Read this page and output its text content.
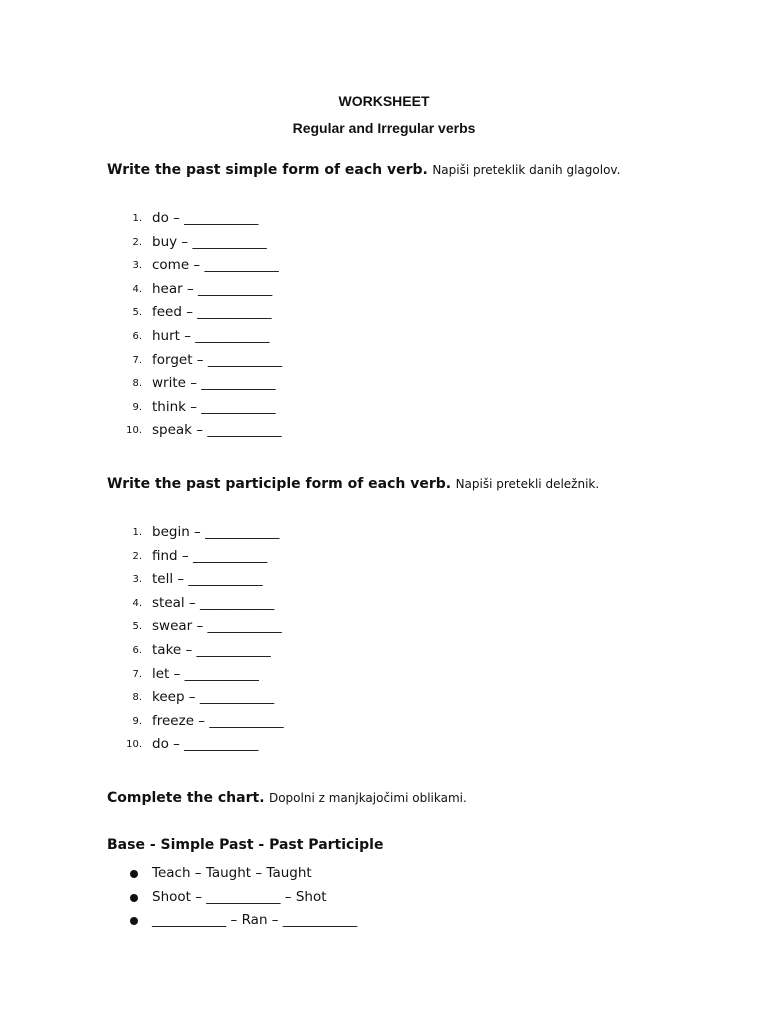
WORKSHEET
Regular and Irregular verbs
Write the past simple form of each verb. Napiši preteklik danih glagolov.
1. do – ___________
2. buy – ___________
3. come – ___________
4. hear – ___________
5. feed – ___________
6. hurt – ___________
7. forget – ___________
8. write – ___________
9. think – ___________
10. speak – ___________
Write the past participle form of each verb. Napiši pretekli deležnik.
1. begin – ___________
2. find – ___________
3. tell – ___________
4. steal – ___________
5. swear – ___________
6. take – ___________
7. let – ___________
8. keep – ___________
9. freeze – ___________
10. do – ___________
Complete the chart. Dopolni z manjkajočimi oblikami.
Base - Simple Past - Past Participle
Teach – Taught – Taught
Shoot – ___________ – Shot
___________ – Ran – ___________
